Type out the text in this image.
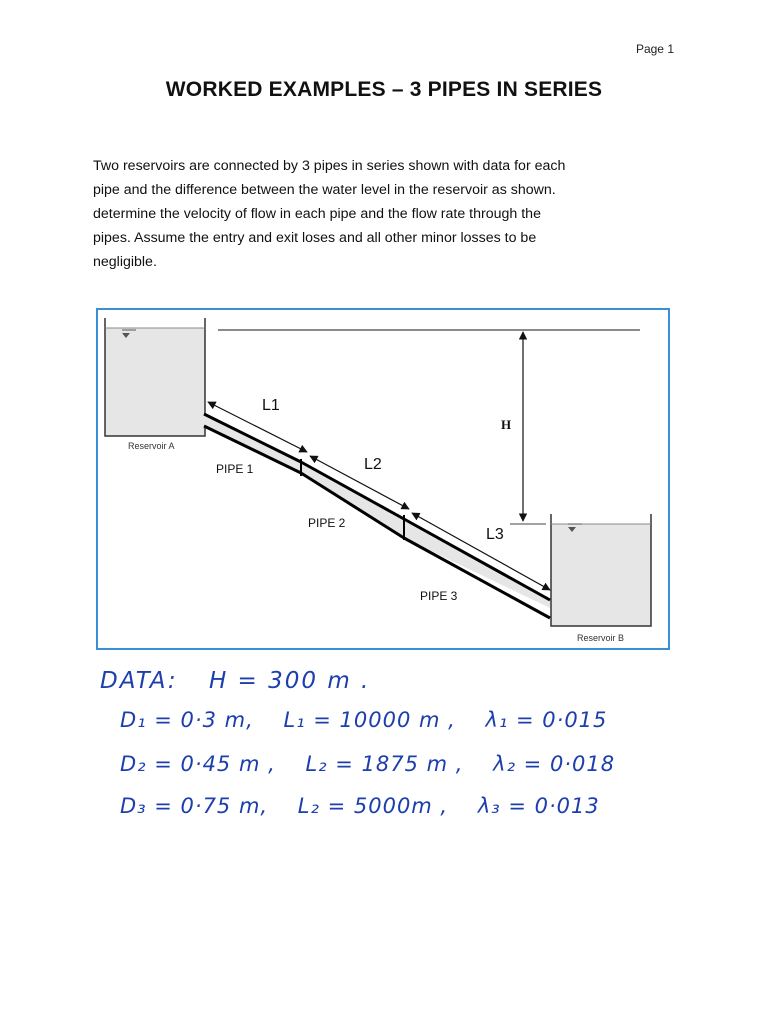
Page 1
WORKED EXAMPLES – 3 PIPES IN SERIES

Two reservoirs are connected by 3 pipes in series shown with data for each

pipe and the difference between the water level in the reservoir as shown.

determine the velocity of flow in each pipe and the flow rate through the

pipes. Assume the entry and exit loses and all other minor losses to be

negligible.

Reservoir A
Reservoir B
H
L1
L2
L3
PIPE 1
PIPE 2
PIPE 3
DATA: H = 300 m .
D₁ = 0·3 m, L₁ = 10000 m , λ₁ = 0·015
D₂ = 0·45 m , L₂ = 1875 m , λ₂ = 0·018
D₃ = 0·75 m, L₂ = 5000m , λ₃ = 0·013
